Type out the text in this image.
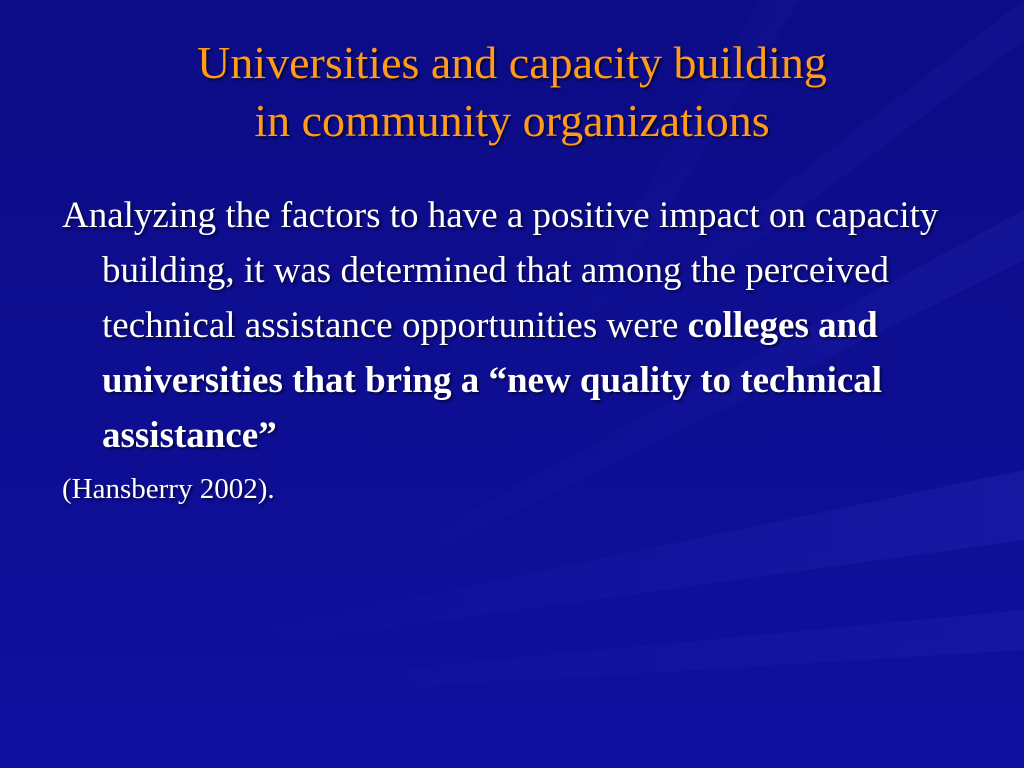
Universities and capacity building
in community organizations

Analyzing the factors to have a positive impact on capacity building, it was determined that among the perceived technical assistance opportunities were colleges and universities that bring a “new quality to technical assistance”

(Hansberry 2002).
